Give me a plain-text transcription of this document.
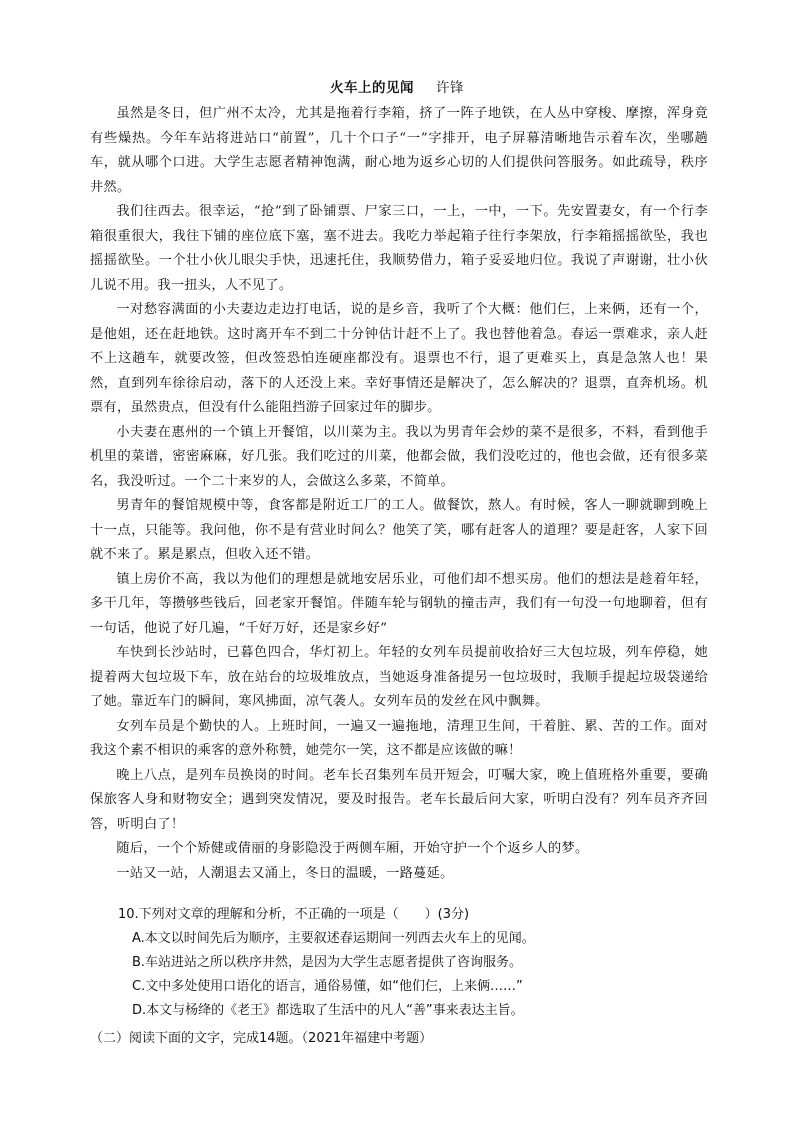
火车上的见闻 许锋

虽然是冬日，但广州不太冷，尤其是拖着行李箱，挤了一阵子地铁，在人丛中穿梭、摩擦，浑身竟有些燥热。今年车站将进站口“前置”，几十个口子“一”字排开，电子屏幕清晰地告示着车次，坐哪趟车，就从哪个口进。大学生志愿者精神饱满，耐心地为返乡心切的人们提供问答服务。如此疏导，秩序井然。

我们往西去。很幸运，“抢”到了卧铺票、尸家三口，一上，一中，一下。先安置妻女，有一个行李箱很重很大，我往下铺的座位底下塞，塞不进去。我吃力举起箱子往行李架放，行李箱摇摇欲坠，我也摇摇欲坠。一个壮小伙儿眼尖手快，迅速托住，我顺势借力，箱子妥妥地归位。我说了声谢谢，壮小伙儿说不用。我一扭头，人不见了。

一对愁容满面的小夫妻边走边打电话，说的是乡音，我听了个大概：他们仨，上来俩，还有一个，是他姐，还在赶地铁。这时离开车不到二十分钟估计赶不上了。我也替他着急。春运一票难求，亲人赶不上这趟车，就要改签，但改签恐怕连硬座都没有。退票也不行，退了更难买上，真是急煞人也！果然，直到列车徐徐启动，落下的人还没上来。幸好事情还是解决了，怎么解决的？退票，直奔机场。机票有，虽然贵点，但没有什么能阻挡游子回家过年的脚步。

小夫妻在惠州的一个镇上开餐馆，以川菜为主。我以为男青年会炒的菜不是很多，不料，看到他手机里的菜谱，密密麻麻，好几张。我们吃过的川菜，他都会做，我们没吃过的，他也会做，还有很多菜名，我没听过。一个二十来岁的人，会做这么多菜，不简单。

男青年的餐馆规模中等，食客都是附近工厂的工人。做餐饮，熬人。有时候，客人一聊就聊到晚上十一点，只能等。我问他，你不是有营业时间么？他笑了笑，哪有赶客人的道理？要是赶客，人家下回就不来了。累是累点，但收入还不错。

镇上房价不高，我以为他们的理想是就地安居乐业，可他们却不想买房。他们的想法是趁着年轻，多干几年，等攒够些钱后，回老家开餐馆。伴随车轮与钢轨的撞击声，我们有一句没一句地聊着，但有一句话，他说了好几遍，“千好万好，还是家乡好”

车快到长沙站时，已暮色四合，华灯初上。年轻的女列车员提前收拾好三大包垃圾，列车停稳，她提着两大包垃圾下车，放在站台的垃圾堆放点，当她返身准备提另一包垃圾时，我顺手提起垃圾袋递给了她。靠近车门的瞬间，寒风拂面，凉气袭人。女列车员的发丝在风中飘舞。

女列车员是个勤快的人。上班时间，一遍又一遍拖地，清理卫生间，干着脏、累、苦的工作。面对我这个素不相识的乘客的意外称赞，她莞尔一笑，这不都是应该做的嘛！

晚上八点，是列车员换岗的时间。老车长召集列车员开短会，叮嘱大家，晚上值班格外重要，要确保旅客人身和财物安全；遇到突发情况，要及时报告。老车长最后问大家，听明白没有？列车员齐齐回答，听明白了！

随后，一个个矫健或倩丽的身影隐没于两侧车厢，开始守护一个个返乡人的梦。

一站又一站，人潮退去又涌上，冬日的温暖，一路蔓延。

10.下列对文章的理解和分析，不正确的一项是（　　）(3分)

A.本文以时间先后为顺序，主要叙述春运期间一列西去火车上的见闻。

B.车站进站之所以秩序井然，是因为大学生志愿者提供了咨询服务。

C.文中多处使用口语化的语言，通俗易懂，如“他们仨，上来俩……”

D.本文与杨绛的《老王》都选取了生活中的凡人“善”事来表达主旨。

（二）阅读下面的文字，完成14题。（2021年福建中考题）
